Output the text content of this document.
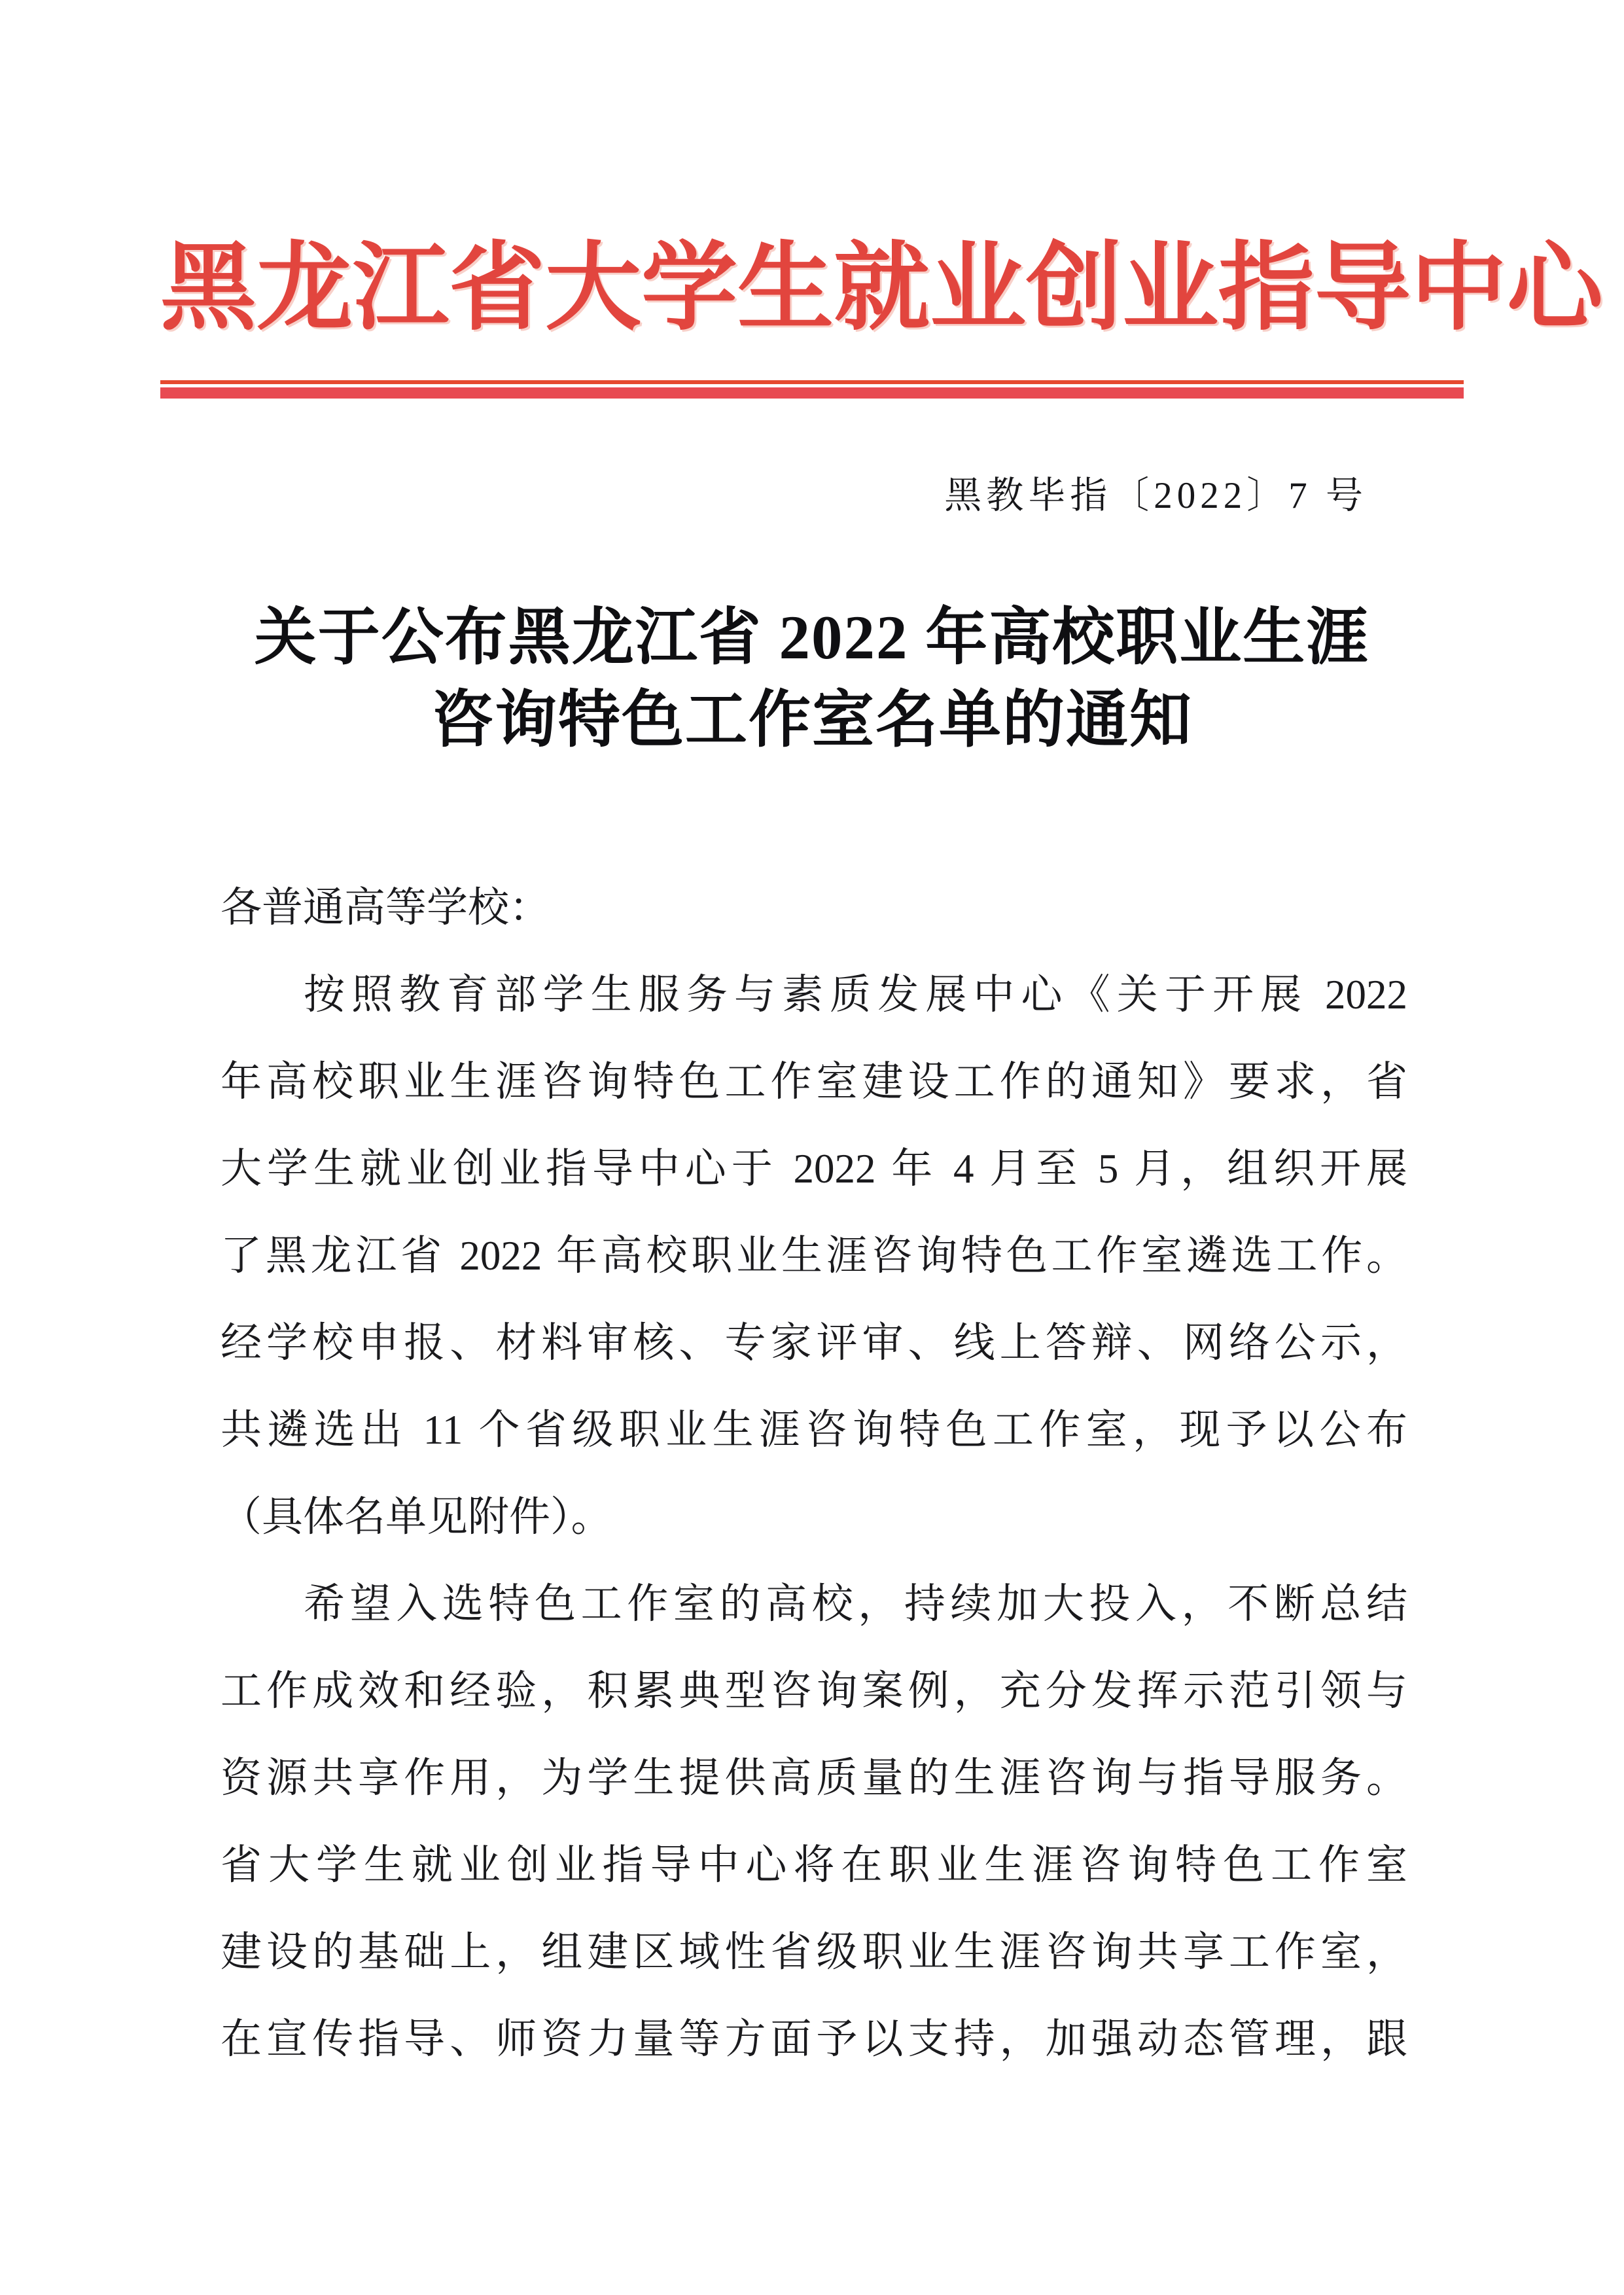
黑龙江省大学生就业创业指导中心
黑教毕指〔2022〕7 号
关于公布黑龙江省 2022 年高校职业生涯
咨询特色工作室名单的通知
各普通高等学校：
按照教育部学生服务与素质发展中心《关于开展 2022
年高校职业生涯咨询特色工作室建设工作的通知》要求，省
大学生就业创业指导中心于 2022 年 4 月至 5 月，组织开展
了黑龙江省 2022 年高校职业生涯咨询特色工作室遴选工作。
经学校申报、材料审核、专家评审、线上答辩、网络公示，
共遴选出 11 个省级职业生涯咨询特色工作室，现予以公布
（具体名单见附件）。
希望入选特色工作室的高校，持续加大投入，不断总结
工作成效和经验，积累典型咨询案例，充分发挥示范引领与
资源共享作用，为学生提供高质量的生涯咨询与指导服务。
省大学生就业创业指导中心将在职业生涯咨询特色工作室
建设的基础上，组建区域性省级职业生涯咨询共享工作室，
在宣传指导、师资力量等方面予以支持，加强动态管理，跟
